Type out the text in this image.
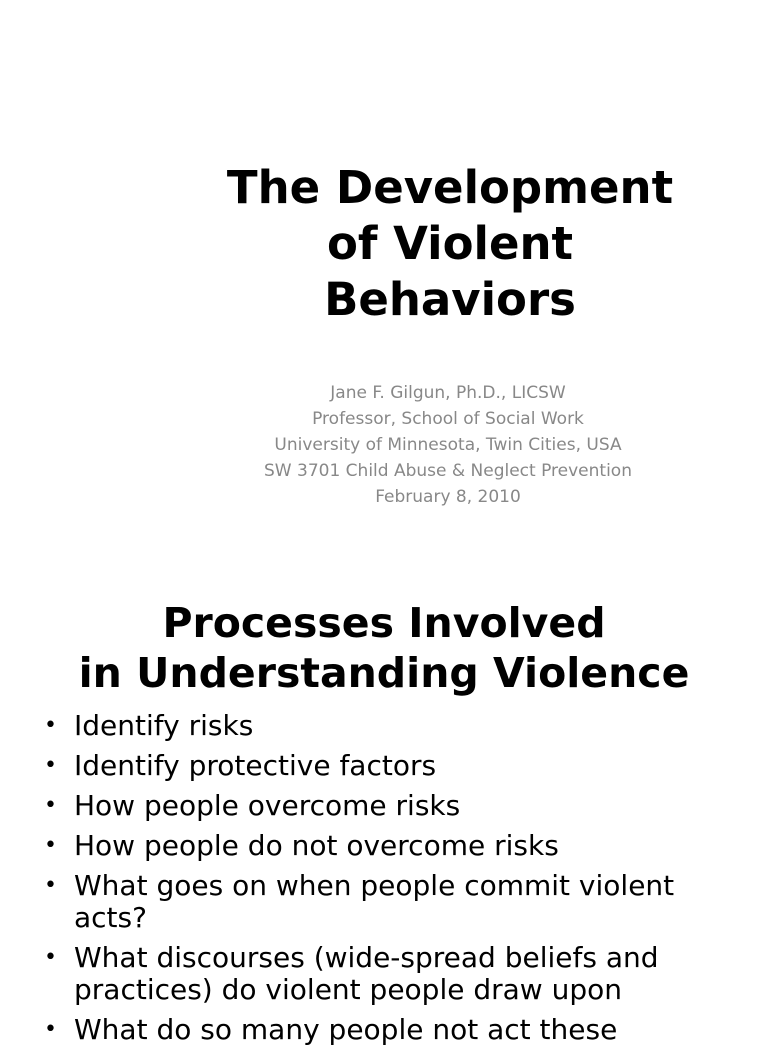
The Development
of Violent
Behaviors
Jane F. Gilgun, Ph.D., LICSW
Professor, School of Social Work
University of Minnesota, Twin Cities, USA
SW 3701 Child Abuse & Neglect Prevention
February 8, 2010
Processes Involved
in Understanding Violence
• Identify risks
• Identify protective factors
• How people overcome risks
• How people do not overcome risks
• What goes on when people commit violent acts?
• What discourses (wide-spread beliefs and practices) do violent people draw upon
• What do so many people not act these
